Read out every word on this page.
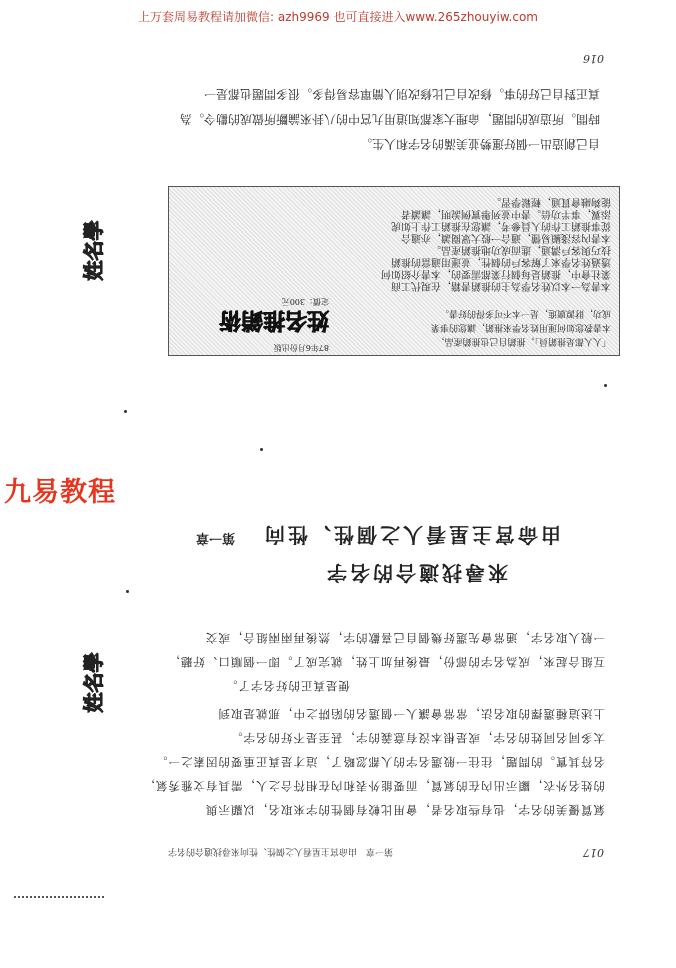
上万套周易教程请加微信: azh9969 也可直接进入www.265zhouyiw.com
016
姓名學
真正對自己好的事。修改自己比修改別人簡單容易得多。很多問題也都是一
時間。所造成的問題，命理大家都知道用九宮中的八卦來論斷所做成的勸令。為
自己創造出一個好運勢並美滿的名字和人生。
姓名推銷術
87年6月份出版
定價：300元
本書為一本以姓名學為主的推銷書籍，在現代工商
業社會中，推銷是每個行業都需要的，本書介紹如何
透過姓名學來了解客戶的個性，並運用適當的推銷
技巧與客戶溝通，進而成功地推銷產品。
本書內容淺顯易懂，適合一般大眾閱讀，亦適合
從事推銷工作的人員參考，讓您在推銷工作上如虎
添翼，事半功倍。書中並列舉實例說明，讓讀者
能夠融會貫通，輕鬆學習。
「人人都是推銷員」，推銷自己也推銷產品，
本書教您如何運用姓名學來推銷，讓您的事業
成功，財源廣進，是一本不可多得的好書。
九易教程
姓名學
第一章 由命宮主星看人之個性、性向
來尋找適合的名字
一般人取名字，通常會先選好幾個自己喜歡的字，然後再兩兩組合，或交
互組合起來，成為名字的部份，最後再加上姓，就完成了。即一個順口、好聽，
便是真正的好名字了。
上述這種選擇的取名法，常常會讓人一個選名的陷阱之中，那就是取到
太多同名同姓的名字，或是根本沒有意義的字，甚至是不好的名字。
名符其實。的問題，往往一般選名字的人都忽略了，這才是真正重要的因素之一。
的姓名外衣，顯示出內在的氣質，而要能外表和內在相符合之人，需具有文雅秀氣，
氣質優美的名字，也有些取名者，會用比較有個性的字來取名，以顯示與
第一章　由命宮主星看人之個性、性向來尋找適合的名字	017
